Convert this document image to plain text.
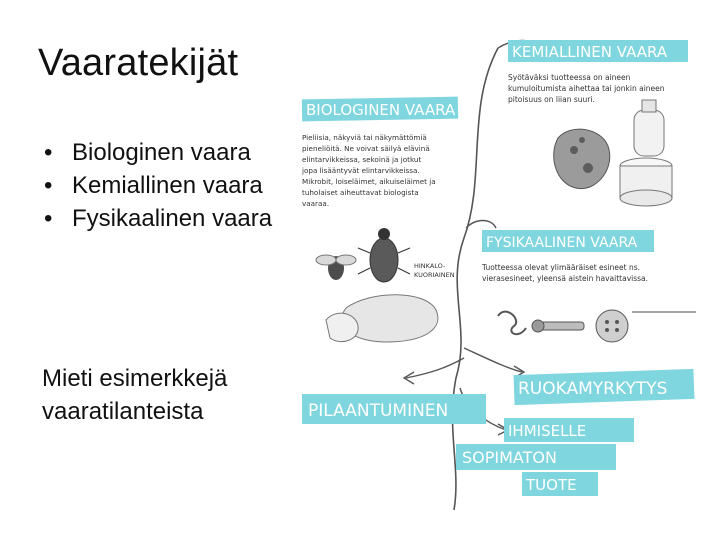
Vaaratekijät
• Biologinen vaara
• Kemiallinen vaara
• Fysikaalinen vaara
Mieti esimerkkejä
vaaratilanteista
KEMIALLINEN VAARA
Syötäväksi tuotteessa on aineen
kumuloitumista aihettaa tai jonkin aineen
pitoisuus on liian suuri.
BIOLOGINEN VAARA
Pieliisia, näkyviä tai näkymättömiä
pieneliöitä. Ne voivat säilyä elävinä
elintarvikkeissa, sekoinä ja jotkut
jopa lisääntyvät elintarvikkeissa.
Mikrobit, loiseläimet, aikuiseläimet ja
tuholaiset aiheuttavat biologista
vaaraa.
FYSIKAALINEN VAARA
Tuotteessa olevat ylimääräiset esineet ns.
vierasesineet, yleensä aistein havaittavissa.
HINKALO-
KUORIAINEN
RUOKAMYRKYTYS
PILAANTUMINEN
IHMISELLE
SOPIMATON
TUOTE
